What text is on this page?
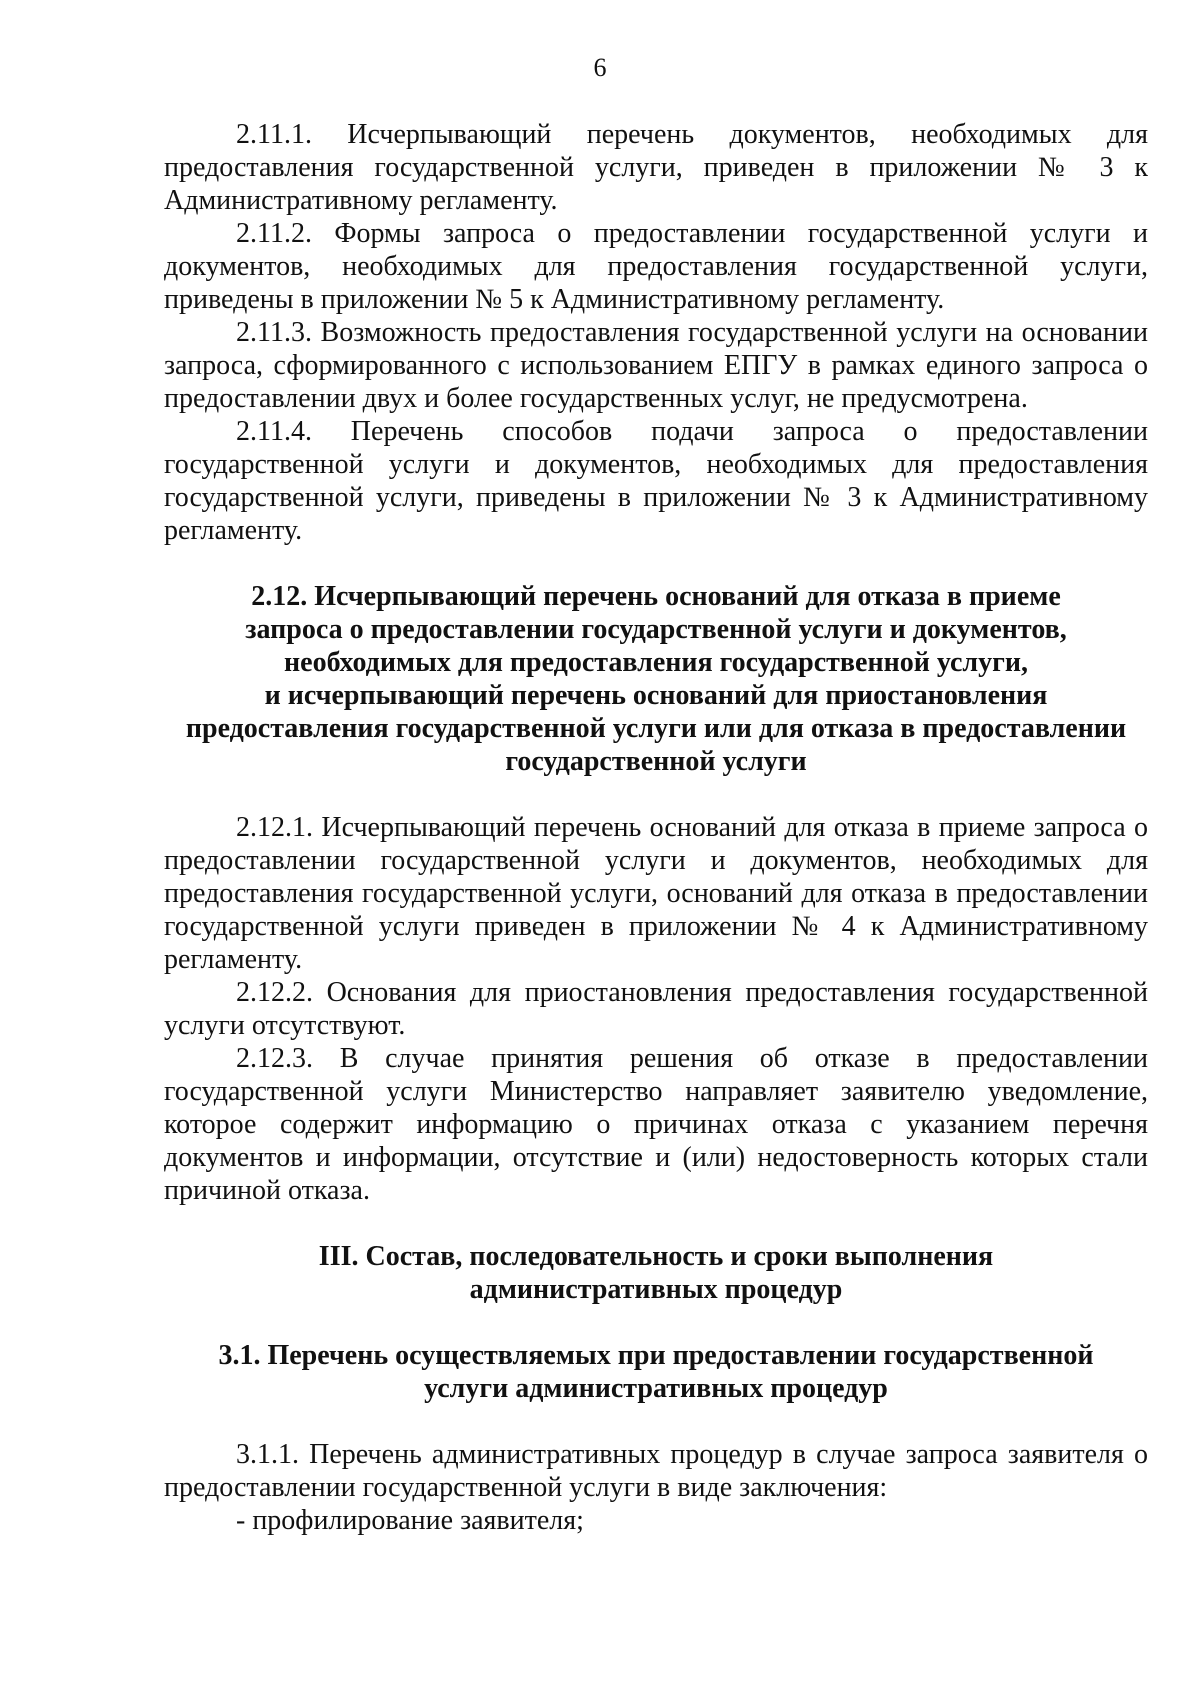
6

2.11.1. Исчерпывающий перечень документов, необходимых для предоставления государственной услуги, приведен в приложении № 3 к Административному регламенту.

2.11.2. Формы запроса о предоставлении государственной услуги и документов, необходимых для предоставления государственной услуги, приведены в приложении № 5 к Административному регламенту.

2.11.3. Возможность предоставления государственной услуги на основании запроса, сформированного с использованием ЕПГУ в рамках единого запроса о предоставлении двух и более государственных услуг, не предусмотрена.

2.11.4. Перечень способов подачи запроса о предоставлении государственной услуги и документов, необходимых для предоставления государственной услуги, приведены в приложении № 3 к Административному регламенту.

2.12. Исчерпывающий перечень оснований для отказа в приеме
запроса о предоставлении государственной услуги и документов,
необходимых для предоставления государственной услуги,
и исчерпывающий перечень оснований для приостановления
предоставления государственной услуги или для отказа в предоставлении
государственной услуги

2.12.1. Исчерпывающий перечень оснований для отказа в приеме запроса о предоставлении государственной услуги и документов, необходимых для предоставления государственной услуги, оснований для отказа в предоставлении государственной услуги приведен в приложении № 4 к Административному регламенту.

2.12.2. Основания для приостановления предоставления государственной услуги отсутствуют.

2.12.3. В случае принятия решения об отказе в предоставлении государственной услуги Министерство направляет заявителю уведомление, которое содержит информацию о причинах отказа с указанием перечня документов и информации, отсутствие и (или) недостоверность которых стали причиной отказа.

III. Состав, последовательность и сроки выполнения
административных процедур
3.1. Перечень осуществляемых при предоставлении государственной
услуги административных процедур

3.1.1. Перечень административных процедур в случае запроса заявителя о предоставлении государственной услуги в виде заключения:

- профилирование заявителя;
